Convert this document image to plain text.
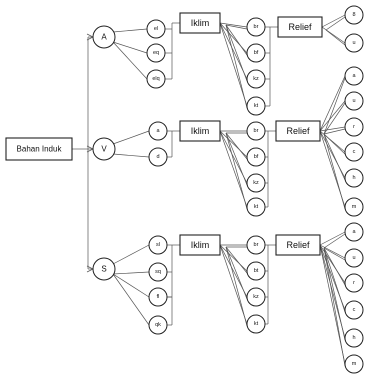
el
eq
elq
Iklim	br
bf
kz
kt
Relief
8
u
a
d
Iklim	br
bf
kz
kt
Relief
a
u
r
c
h
m
sl
sq
fl
qk
Iklim	br
bt
kz
kt
Relief
a
u
r
c
h
m
A
V
S
Bahan Induk
